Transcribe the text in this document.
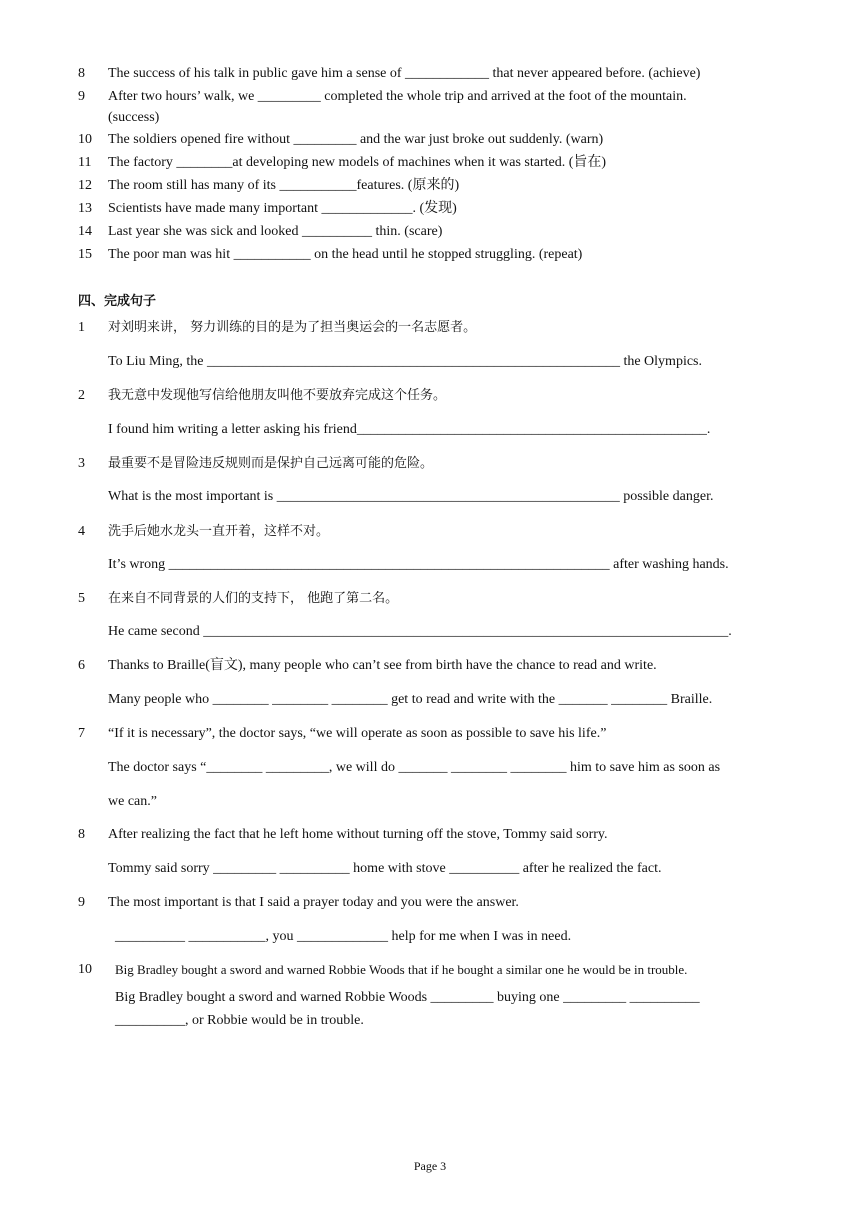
8	The success of his talk in public gave him a sense of ____________ that never appeared before. (achieve)
9	After two hours’ walk, we _________ completed the whole trip and arrived at the foot of the mountain.
(success)
10	The soldiers opened fire without _________ and the war just broke out suddenly. (warn)
11	The factory ________at developing new models of machines when it was started. (旨在)
12	The room still has many of its ___________features. (原来的)
13	Scientists have made many important _____________. (发现)
14	Last year she was sick and looked __________ thin. (scare)
15	The poor man was hit ___________ on the head until he stopped struggling. (repeat)
四、完成句子
1	对刘明来讲， 努力训练的目的是为了担当奥运会的一名志愿者。
To Liu Ming, the ___________________________________________________________ the Olympics.
2	我无意中发现他写信给他朋友叫他不要放弃完成这个任务。
I found him writing a letter asking his friend__________________________________________________.
3	最重要不是冒险违反规则而是保护自己远离可能的危险。
What is the most important is _________________________________________________ possible danger.
4	洗手后她水龙头一直开着，这样不对。
It’s wrong _______________________________________________________________ after washing hands.
5	在来自不同背景的人们的支持下， 他跑了第二名。
He came second ___________________________________________________________________________.
6	Thanks to Braille(盲文), many people who can’t see from birth have the chance to read and write.
Many people who ________ ________ ________ get to read and write with the _______ ________ Braille.
7	“If it is necessary”, the doctor says, “we will operate as soon as possible to save his life.”
The doctor says “________ _________, we will do _______ ________ ________ him to save him as soon as
we can.”
8	After realizing the fact that he left home without turning off the stove, Tommy said sorry.
Tommy said sorry _________ __________ home with stove __________ after he realized the fact.
9	The most important is that I said a prayer today and you were the answer.
__________ ___________, you _____________ help for me when I was in need.
10	Big Bradley bought a sword and warned Robbie Woods that if he bought a similar one he would be in trouble.
Big Bradley bought a sword and warned Robbie Woods _________ buying one _________ __________
__________, or Robbie would be in trouble.
Page 3
